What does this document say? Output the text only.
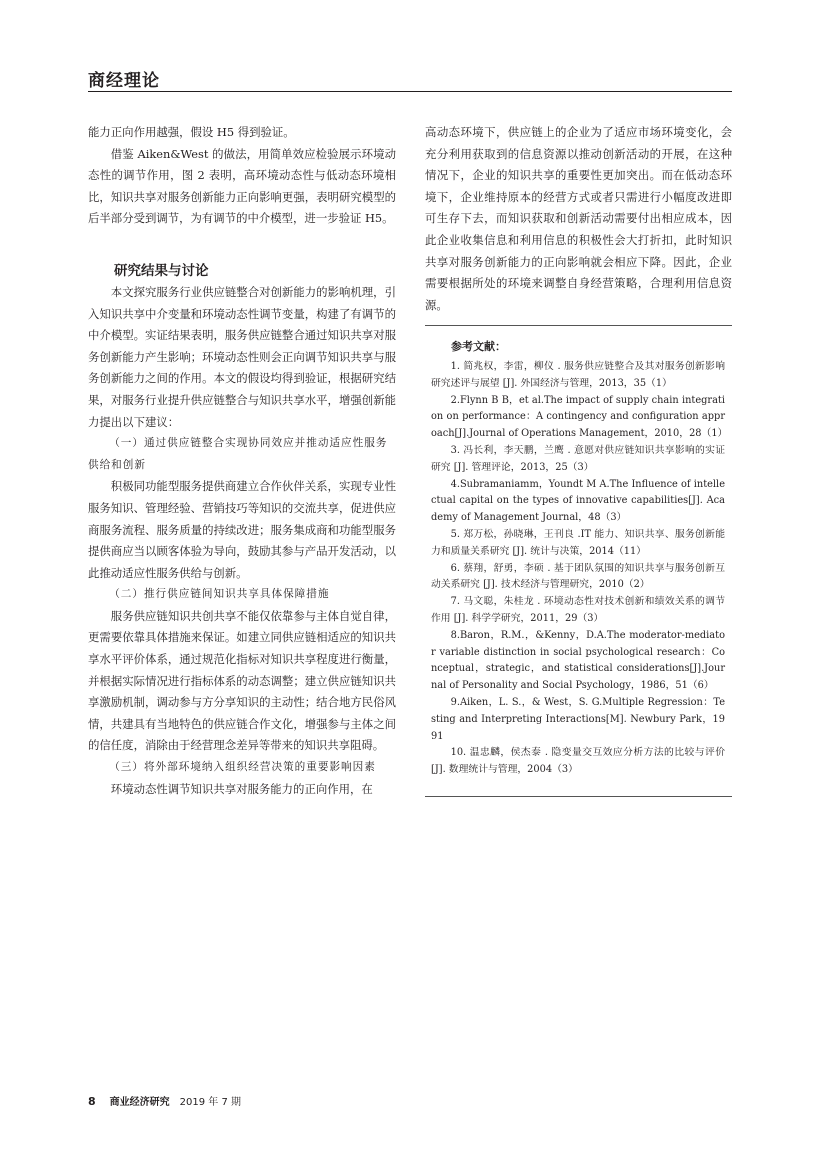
商经理论

能力正向作用越强，假设 H5 得到验证。

借鉴 Aiken&West 的做法，用简单效应检验展示环境动态性的调节作用，图 2 表明，高环境动态性与低动态环境相比，知识共享对服务创新能力正向影响更强，表明研究模型的后半部分受到调节，为有调节的中介模型，进一步验证 H5。

研究结果与讨论

本文探究服务行业供应链整合对创新能力的影响机理，引入知识共享中介变量和环境动态性调节变量，构建了有调节的中介模型。实证结果表明，服务供应链整合通过知识共享对服务创新能力产生影响；环境动态性则会正向调节知识共享与服务创新能力之间的作用。本文的假设均得到验证，根据研究结果，对服务行业提升供应链整合与知识共享水平，增强创新能力提出以下建议：

（一）通过供应链整合实现协同效应并推动适应性服务供给和创新

积极同功能型服务提供商建立合作伙伴关系，实现专业性服务知识、管理经验、营销技巧等知识的交流共享，促进供应商服务流程、服务质量的持续改进；服务集成商和功能型服务提供商应当以顾客体验为导向，鼓励其参与产品开发活动，以此推动适应性服务供给与创新。

（二）推行供应链间知识共享具体保障措施

服务供应链知识共创共享不能仅依靠参与主体自觉自律，更需要依靠具体措施来保证。如建立同供应链相适应的知识共享水平评价体系，通过规范化指标对知识共享程度进行衡量，并根据实际情况进行指标体系的动态调整；建立供应链知识共享激励机制，调动参与方分享知识的主动性；结合地方民俗风情，共建具有当地特色的供应链合作文化，增强参与主体之间的信任度，消除由于经营理念差异等带来的知识共享阻碍。

（三）将外部环境纳入组织经营决策的重要影响因素

环境动态性调节知识共享对服务能力的正向作用，在

高动态环境下，供应链上的企业为了适应市场环境变化，会充分利用获取到的信息资源以推动创新活动的开展，在这种情况下，企业的知识共享的重要性更加突出。而在低动态环境下，企业维持原本的经营方式或者只需进行小幅度改进即可生存下去，而知识获取和创新活动需要付出相应成本，因此企业收集信息和利用信息的积极性会大打折扣，此时知识共享对服务创新能力的正向影响就会相应下降。因此，企业需要根据所处的环境来调整自身经营策略，合理利用信息资源。

参考文献：

1. 简兆权，李雷，柳仪 . 服务供应链整合及其对服务创新影响研究述评与展望 [J]. 外国经济与管理，2013，35（1）

2.Flynn B B，et al.The impact of supply chain integration on performance：A contingency and configuration approach[J].Journal of Operations Management，2010，28（1）

3. 冯长利，李天鹏，兰鹰 . 意愿对供应链知识共享影响的实证研究 [J]. 管理评论，2013，25（3）

4.Subramaniamm，Youndt M A.The Influence of intellectual capital on the types of innovative capabilities[J]. Academy of Management Journal，48（3）

5. 郑万松，孙晓琳，王刊良 .IT 能力、知识共享、服务创新能力和质量关系研究 [J]. 统计与决策，2014（11）

6. 蔡翔，舒勇，李硕 . 基于团队氛围的知识共享与服务创新互动关系研究 [J]. 技术经济与管理研究，2010（2）

7. 马文聪，朱桂龙 . 环境动态性对技术创新和绩效关系的调节作用 [J]. 科学学研究，2011，29（3）

8.Baron，R.M.，&Kenny，D.A.The moderator-mediator variable distinction in social psychological research：Conceptual，strategic，and statistical considerations[J].Journal of Personality and Social Psychology，1986，51（6）

9.Aiken，L. S.，& West，S. G.Multiple Regression：Testing and Interpreting Interactions[M]. Newbury Park，1991

10. 温忠麟，侯杰泰 . 隐变量交互效应分析方法的比较与评价 [J]. 数理统计与管理，2004（3）

8 商业经济研究 2019 年 7 期
